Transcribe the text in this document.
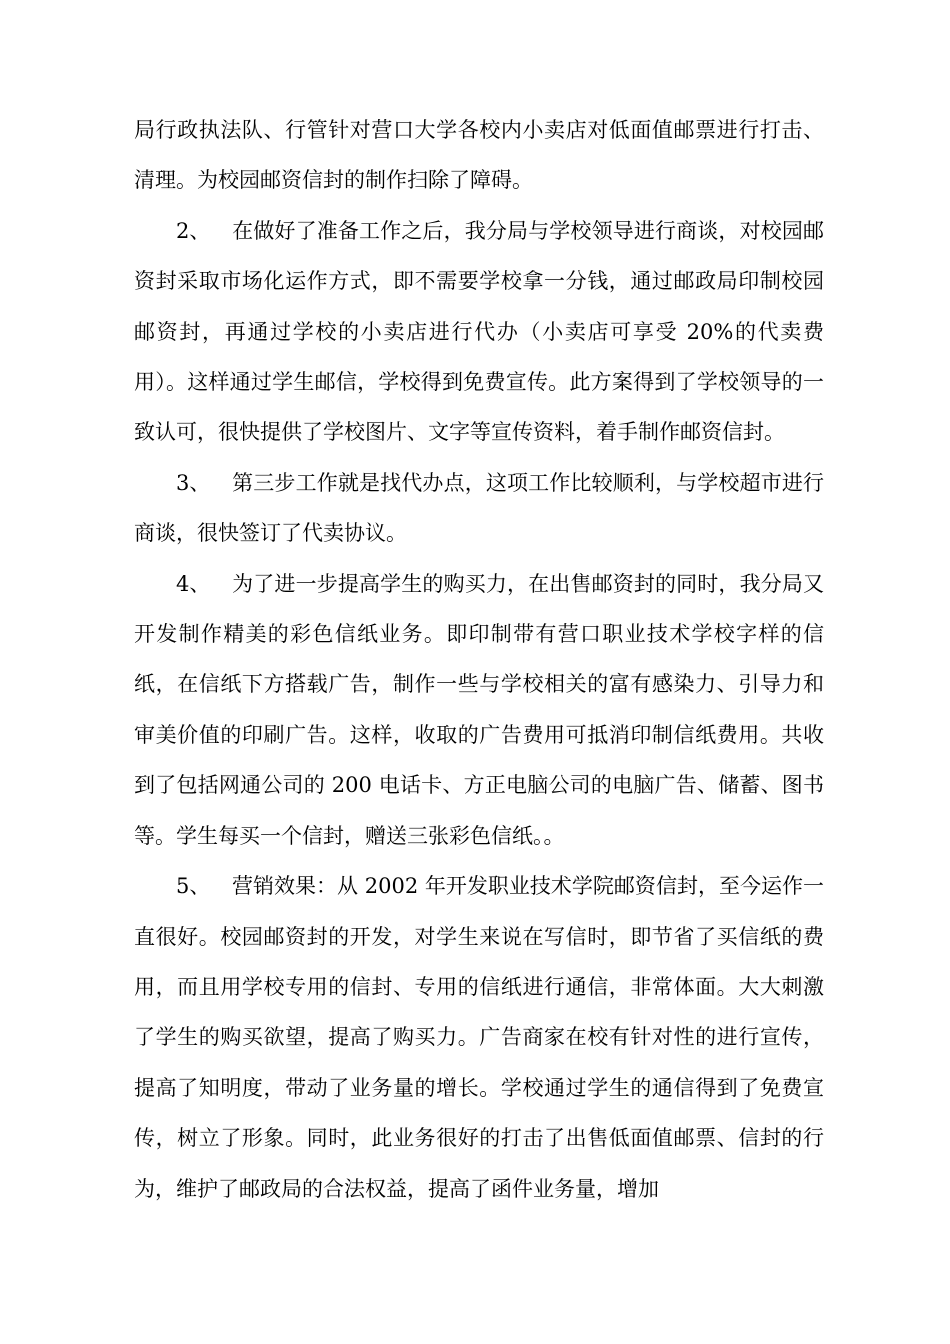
局行政执法队、行管针对营口大学各校内小卖店对低面值邮票进行打击、清理。为校园邮资信封的制作扫除了障碍。

2、 在做好了准备工作之后，我分局与学校领导进行商谈，对校园邮资封采取市场化运作方式，即不需要学校拿一分钱，通过邮政局印制校园邮资封，再通过学校的小卖店进行代办（小卖店可享受 20%的代卖费用）。这样通过学生邮信，学校得到免费宣传。此方案得到了学校领导的一致认可，很快提供了学校图片、文字等宣传资料，着手制作邮资信封。

3、 第三步工作就是找代办点，这项工作比较顺利，与学校超市进行商谈，很快签订了代卖协议。

4、 为了进一步提高学生的购买力，在出售邮资封的同时，我分局又开发制作精美的彩色信纸业务。即印制带有营口职业技术学校字样的信纸，在信纸下方搭载广告，制作一些与学校相关的富有感染力、引导力和审美价值的印刷广告。这样，收取的广告费用可抵消印制信纸费用。共收到了包括网通公司的 200 电话卡、方正电脑公司的电脑广告、储蓄、图书等。学生每买一个信封，赠送三张彩色信纸。。

5、 营销效果：从 2002 年开发职业技术学院邮资信封，至今运作一直很好。校园邮资封的开发，对学生来说在写信时，即节省了买信纸的费用，而且用学校专用的信封、专用的信纸进行通信，非常体面。大大刺激了学生的购买欲望，提高了购买力。广告商家在校有针对性的进行宣传，提高了知明度，带动了业务量的增长。学校通过学生的通信得到了免费宣传，树立了形象。同时，此业务很好的打击了出售低面值邮票、信封的行为，维护了邮政局的合法权益，提高了函件业务量，增加
